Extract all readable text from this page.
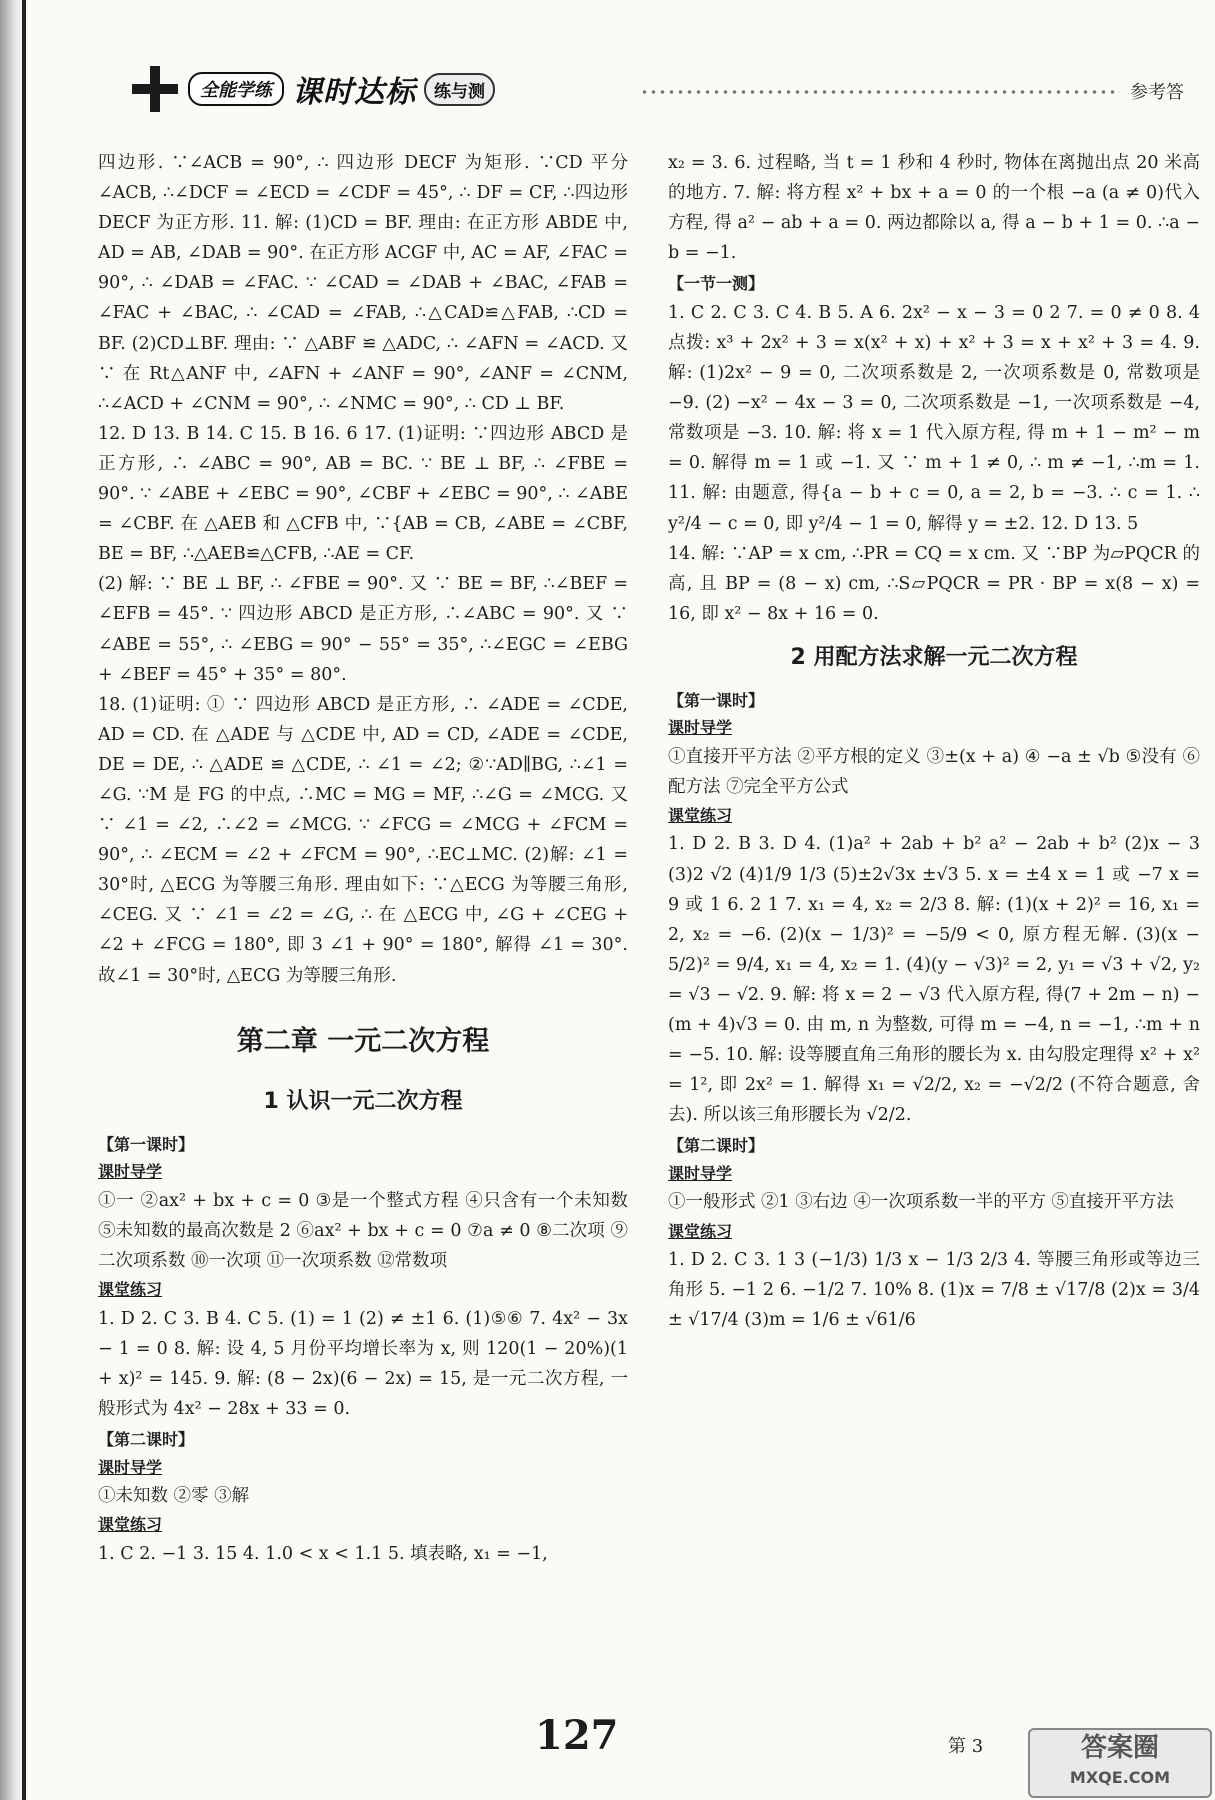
全能学练 课时达标	练与测	参考答

四边形. ∵∠ACB = 90°, ∴ 四边形 DECF 为矩形. ∵CD 平分∠ACB, ∴∠DCF = ∠ECD = ∠CDF = 45°, ∴ DF = CF, ∴四边形 DECF 为正方形. 11. 解: (1)CD = BF. 理由: 在正方形 ABDE 中, AD = AB, ∠DAB = 90°. 在正方形 ACGF 中, AC = AF, ∠FAC = 90°, ∴ ∠DAB = ∠FAC. ∵ ∠CAD = ∠DAB + ∠BAC, ∠FAB = ∠FAC + ∠BAC, ∴ ∠CAD = ∠FAB, ∴△CAD≌△FAB, ∴CD = BF. (2)CD⊥BF. 理由: ∵ △ABF ≌ △ADC, ∴ ∠AFN = ∠ACD. 又 ∵ 在 Rt△ANF 中, ∠AFN + ∠ANF = 90°, ∠ANF = ∠CNM, ∴∠ACD + ∠CNM = 90°, ∴ ∠NMC = 90°, ∴ CD ⊥ BF.

12. D 13. B 14. C 15. B 16. 6 17. (1)证明: ∵四边形 ABCD 是正方形, ∴ ∠ABC = 90°, AB = BC. ∵ BE ⊥ BF, ∴ ∠FBE = 90°. ∵ ∠ABE + ∠EBC = 90°, ∠CBF + ∠EBC = 90°, ∴ ∠ABE = ∠CBF. 在 △AEB 和 △CFB 中, ∵{AB = CB, ∠ABE = ∠CBF, BE = BF, ∴△AEB≌△CFB, ∴AE = CF.

(2) 解: ∵ BE ⊥ BF, ∴ ∠FBE = 90°. 又 ∵ BE = BF, ∴∠BEF = ∠EFB = 45°. ∵ 四边形 ABCD 是正方形, ∴∠ABC = 90°. 又 ∵ ∠ABE = 55°, ∴ ∠EBG = 90° − 55° = 35°, ∴∠EGC = ∠EBG + ∠BEF = 45° + 35° = 80°.

18. (1)证明: ① ∵ 四边形 ABCD 是正方形, ∴ ∠ADE = ∠CDE, AD = CD. 在 △ADE 与 △CDE 中, AD = CD, ∠ADE = ∠CDE, DE = DE, ∴ △ADE ≌ △CDE, ∴ ∠1 = ∠2; ②∵AD∥BG, ∴∠1 = ∠G. ∵M 是 FG 的中点, ∴MC = MG = MF, ∴∠G = ∠MCG. 又 ∵ ∠1 = ∠2, ∴∠2 = ∠MCG. ∵ ∠FCG = ∠MCG + ∠FCM = 90°, ∴ ∠ECM = ∠2 + ∠FCM = 90°, ∴EC⊥MC. (2)解: ∠1 = 30°时, △ECG 为等腰三角形. 理由如下: ∵△ECG 为等腰三角形, ∠CEG. 又 ∵ ∠1 = ∠2 = ∠G, ∴ 在 △ECG 中, ∠G + ∠CEG + ∠2 + ∠FCG = 180°, 即 3 ∠1 + 90° = 180°, 解得 ∠1 = 30°. 故∠1 = 30°时, △ECG 为等腰三角形.

第二章 一元二次方程
1 认识一元二次方程
【第一课时】
课时导学

①一 ②ax² + bx + c = 0 ③是一个整式方程 ④只含有一个未知数 ⑤未知数的最高次数是 2 ⑥ax² + bx + c = 0 ⑦a ≠ 0 ⑧二次项 ⑨二次项系数 ⑩一次项 ⑪一次项系数 ⑫常数项

课堂练习

1. D 2. C 3. B 4. C 5. (1) = 1 (2) ≠ ±1 6. (1)⑤⑥ 7. 4x² − 3x − 1 = 0 8. 解: 设 4, 5 月份平均增长率为 x, 则 120(1 − 20%)(1 + x)² = 145. 9. 解: (8 − 2x)(6 − 2x) = 15, 是一元二次方程, 一般形式为 4x² − 28x + 33 = 0.

【第二课时】
课时导学

①未知数 ②零 ③解

课堂练习

1. C 2. −1 3. 15 4. 1.0 < x < 1.1 5. 填表略, x₁ = −1,

x₂ = 3. 6. 过程略, 当 t = 1 秒和 4 秒时, 物体在离抛出点 20 米高的地方. 7. 解: 将方程 x² + bx + a = 0 的一个根 −a (a ≠ 0)代入方程, 得 a² − ab + a = 0. 两边都除以 a, 得 a − b + 1 = 0. ∴a − b = −1.

【一节一测】

1. C 2. C 3. C 4. B 5. A 6. 2x² − x − 3 = 0 2 7. = 0 ≠ 0 8. 4 点拨: x³ + 2x² + 3 = x(x² + x) + x² + 3 = x + x² + 3 = 4. 9. 解: (1)2x² − 9 = 0, 二次项系数是 2, 一次项系数是 0, 常数项是 −9. (2) −x² − 4x − 3 = 0, 二次项系数是 −1, 一次项系数是 −4, 常数项是 −3. 10. 解: 将 x = 1 代入原方程, 得 m + 1 − m² − m = 0. 解得 m = 1 或 −1. 又 ∵ m + 1 ≠ 0, ∴ m ≠ −1, ∴m = 1. 11. 解: 由题意, 得{a − b + c = 0, a = 2, b = −3. ∴ c = 1. ∴ y²/4 − c = 0, 即 y²/4 − 1 = 0, 解得 y = ±2. 12. D 13. 5

14. 解: ∵AP = x cm, ∴PR = CQ = x cm. 又 ∵BP 为▱PQCR 的高, 且 BP = (8 − x) cm, ∴S▱PQCR = PR · BP = x(8 − x) = 16, 即 x² − 8x + 16 = 0.

2 用配方法求解一元二次方程
【第一课时】
课时导学

①直接开平方法 ②平方根的定义 ③±(x + a) ④ −a ± √b ⑤没有 ⑥配方法 ⑦完全平方公式

课堂练习

1. D 2. B 3. D 4. (1)a² + 2ab + b² a² − 2ab + b² (2)x − 3 (3)2 √2 (4)1/9 1/3 (5)±2√3x ±√3 5. x = ±4 x = 1 或 −7 x = 9 或 1 6. 2 1 7. x₁ = 4, x₂ = 2/3 8. 解: (1)(x + 2)² = 16, x₁ = 2, x₂ = −6. (2)(x − 1/3)² = −5/9 < 0, 原方程无解. (3)(x − 5/2)² = 9/4, x₁ = 4, x₂ = 1. (4)(y − √3)² = 2, y₁ = √3 + √2, y₂ = √3 − √2. 9. 解: 将 x = 2 − √3 代入原方程, 得(7 + 2m − n) − (m + 4)√3 = 0. 由 m, n 为整数, 可得 m = −4, n = −1, ∴m + n = −5. 10. 解: 设等腰直角三角形的腰长为 x. 由勾股定理得 x² + x² = 1², 即 2x² = 1. 解得 x₁ = √2/2, x₂ = −√2/2 (不符合题意, 舍去). 所以该三角形腰长为 √2/2.

【第二课时】
课时导学

①一般形式 ②1 ③右边 ④一次项系数一半的平方 ⑤直接开平方法

课堂练习

1. D 2. C 3. 1 3 (−1/3) 1/3 x − 1/3 2/3 4. 等腰三角形或等边三角形 5. −1 2 6. −1/2 7. 10% 8. (1)x = 7/8 ± √17/8 (2)x = 3/4 ± √17/4 (3)m = 1/6 ± √61/6

127	第 3	答案圈
MXQE.COM
